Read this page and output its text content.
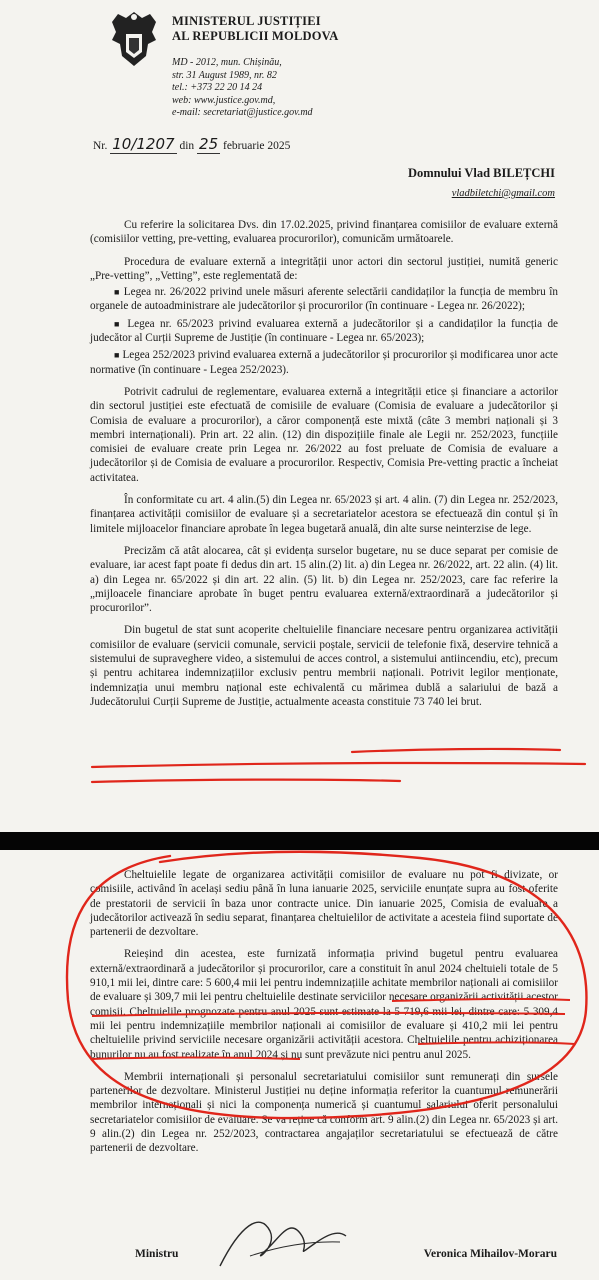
MINISTERUL JUSTIȚIEI
AL REPUBLICII MOLDOVA
MD - 2012, mun. Chișinău,
str. 31 August 1989, nr. 82
tel.: +373 22 20 14 24
web: www.justice.gov.md,
e-mail: secretariat@justice.gov.md
Nr. 10/1207 din 25 februarie 2025
Domnului Vlad BILEȚCHI
vladbiletchi@gmail.com

Cu referire la solicitarea Dvs. din 17.02.2025, privind finanțarea comisiilor de evaluare externă (comisiilor vetting, pre-vetting, evaluarea procurorilor), comunicăm următoarele.

Procedura de evaluare externă a integrității unor actori din sectorul justiției, numită generic „Pre-vetting”, „Vetting”, este reglementată de:

■ Legea nr. 26/2022 privind unele măsuri aferente selectării candidaților la funcția de membru în organele de autoadministrare ale judecătorilor și procurorilor (în continuare - Legea nr. 26/2022);
■ Legea nr. 65/2023 privind evaluarea externă a judecătorilor și a candidaților la funcția de judecător al Curții Supreme de Justiție (în continuare - Legea nr. 65/2023);
■ Legea 252/2023 privind evaluarea externă a judecătorilor și procurorilor și modificarea unor acte normative (în continuare - Legea 252/2023).

Potrivit cadrului de reglementare, evaluarea externă a integrității etice și financiare a actorilor din sectorul justiției este efectuată de comisiile de evaluare (Comisia de evaluare a judecătorilor și Comisia de evaluare a procurorilor), a căror componență este mixtă (câte 3 membri naționali și 3 membri internaționali). Prin art. 22 alin. (12) din dispozițiile finale ale Legii nr. 252/2023, funcțiile comisiei de evaluare create prin Legea nr. 26/2022 au fost preluate de Comisia de evaluare a judecătorilor și de Comisia de evaluare a procurorilor. Respectiv, Comisia Pre-vetting practic a încheiat activitatea.

În conformitate cu art. 4 alin.(5) din Legea nr. 65/2023 și art. 4 alin. (7) din Legea nr. 252/2023, finanțarea activității comisiilor de evaluare și a secretariatelor acestora se efectuează din contul și în limitele mijloacelor financiare aprobate în legea bugetară anuală, din alte surse neinterzise de lege.

Precizăm că atât alocarea, cât și evidența surselor bugetare, nu se duce separat per comisie de evaluare, iar acest fapt poate fi dedus din art. 15 alin.(2) lit. a) din Legea nr. 26/2022, art. 22 alin. (4) lit. a) din Legea nr. 65/2022 și din art. 22 alin. (5) lit. b) din Legea nr. 252/2023, care fac referire la „mijloacele financiare aprobate în buget pentru evaluarea externă/extraordinară a judecătorilor și procurorilor”.

Din bugetul de stat sunt acoperite cheltuielile financiare necesare pentru organizarea activității comisiilor de evaluare (servicii comunale, servicii poștale, servicii de telefonie fixă, deservire tehnică a sistemului de supraveghere video, a sistemului de acces control, a sistemului antiincendiu, etc), precum și pentru achitarea indemnizațiilor exclusiv pentru membrii naționali. Potrivit legilor menționate, indemnizația unui membru național este echivalentă cu mărimea dublă a salariului de bază a Judecătorului Curții Supreme de Justiție, actualmente aceasta constituie 73 740 lei brut.

Cheltuielile legate de organizarea activității comisiilor de evaluare nu pot fi divizate, or comisiile, activând în același sediu până în luna ianuarie 2025, serviciile enunțate supra au fost oferite de prestatorii de servicii în baza unor contracte unice. Din ianuarie 2025, Comisia de evaluare a judecătorilor activează în sediu separat, finanțarea cheltuielilor de activitate a acesteia fiind suportate de partenerii de dezvoltare.

Reieșind din acestea, este furnizată informația privind bugetul pentru evaluarea externă/extraordinară a judecătorilor și procurorilor, care a constituit în anul 2024 cheltuieli totale de 5 910,1 mii lei, dintre care: 5 600,4 mii lei pentru indemnizațiile achitate membrilor naționali ai comisiilor de evaluare și 309,7 mii lei pentru cheltuielile destinate serviciilor necesare organizării activității acestor comisii. Cheltuielile prognozate pentru anul 2025 sunt estimate la 5 719,6 mii lei, dintre care: 5 309,4 mii lei pentru indemnizațiile membrilor naționali ai comisiilor de evaluare și 410,2 mii lei pentru cheltuielile privind serviciile necesare organizării activității acestora. Cheltuielile pentru achiziționarea bunurilor nu au fost realizate în anul 2024 și nu sunt prevăzute nici pentru anul 2025.

Membrii internaționali și personalul secretariatului comisiilor sunt remunerați din sursele partenerilor de dezvoltare. Ministerul Justiției nu deține informația referitor la cuantumul remunerării membrilor internaționali și nici la componența numerică și cuantumul salariului oferit personalului secretariatelor comisiilor de evaluare. Se va reține că conform art. 9 alin.(2) din Legea nr. 65/2023 și art. 9 alin.(2) din Legea nr. 252/2023, contractarea angajaților secretariatului se efectuează de către partenerii de dezvoltare.

Ministru	Veronica Mihailov-Moraru
